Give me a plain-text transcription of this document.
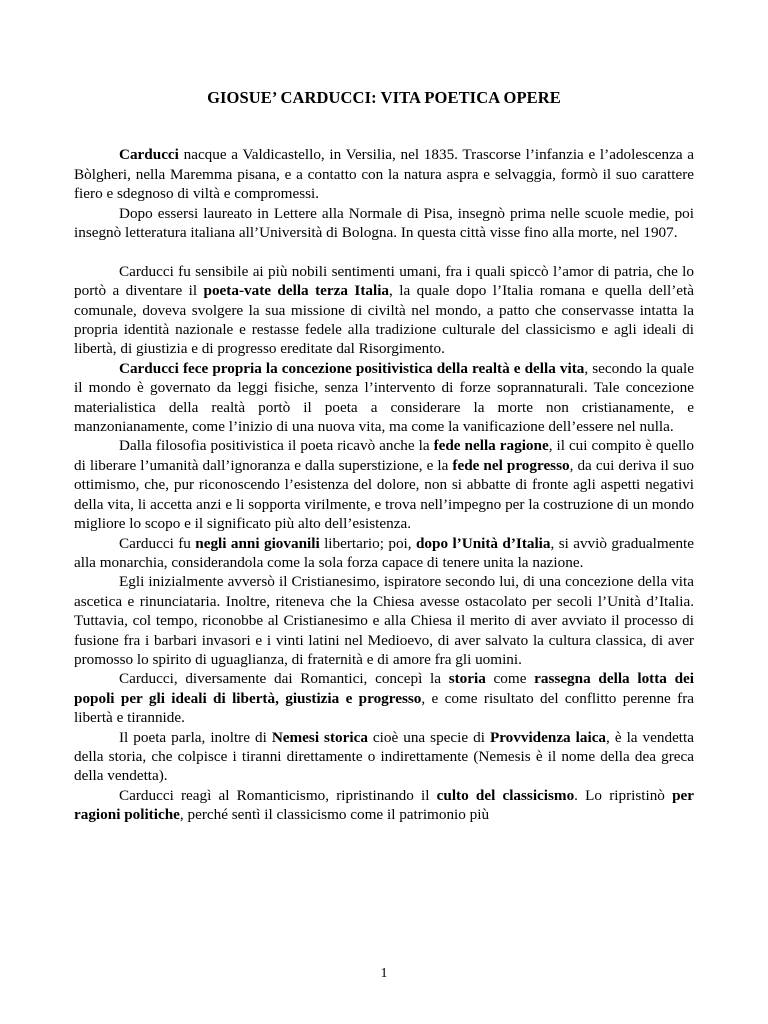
GIOSUE’ CARDUCCI: VITA POETICA OPERE

Carducci nacque a Valdicastello, in Versilia, nel 1835. Trascorse l’infanzia e l’adolescenza a Bòlgheri, nella Maremma pisana, e a contatto con la natura aspra e selvaggia, formò il suo carattere fiero e sdegnoso di viltà e compromessi.

Dopo essersi laureato in Lettere alla Normale di Pisa, insegnò prima nelle scuole medie, poi insegnò letteratura italiana all’Università di Bologna. In questa città visse fino alla morte, nel 1907.

Carducci fu sensibile ai più nobili sentimenti umani, fra i quali spiccò l’amor di patria, che lo portò a diventare il poeta-vate della terza Italia, la quale dopo l’Italia romana e quella dell’età comunale, doveva svolgere la sua missione di civiltà nel mondo, a patto che conservasse intatta la propria identità nazionale e restasse fedele alla tradizione culturale del classicismo e agli ideali di libertà, di giustizia e di progresso ereditate dal Risorgimento.

Carducci fece propria la concezione positivistica della realtà e della vita, secondo la quale il mondo è governato da leggi fisiche, senza l’intervento di forze soprannaturali. Tale concezione materialistica della realtà portò il poeta a considerare la morte non cristianamente, e manzonianamente, come l’inizio di una nuova vita, ma come la vanificazione dell’essere nel nulla.

Dalla filosofia positivistica il poeta ricavò anche la fede nella ragione, il cui compito è quello di liberare l’umanità dall’ignoranza e dalla superstizione, e la fede nel progresso, da cui deriva il suo ottimismo, che, pur riconoscendo l’esistenza del dolore, non si abbatte di fronte agli aspetti negativi della vita, li accetta anzi e li sopporta virilmente, e trova nell’impegno per la costruzione di un mondo migliore lo scopo e il significato più alto dell’esistenza.

Carducci fu negli anni giovanili libertario; poi, dopo l’Unità d’Italia, si avviò gradualmente alla monarchia, considerandola come la sola forza capace di tenere unita la nazione.

Egli inizialmente avversò il Cristianesimo, ispiratore secondo lui, di una concezione della vita ascetica e rinunciataria. Inoltre, riteneva che la Chiesa avesse ostacolato per secoli l’Unità d’Italia. Tuttavia, col tempo, riconobbe al Cristianesimo e alla Chiesa il merito di aver avviato il processo di fusione fra i barbari invasori e i vinti latini nel Medioevo, di aver salvato la cultura classica, di aver promosso lo spirito di uguaglianza, di fraternità e di amore fra gli uomini.

Carducci, diversamente dai Romantici, concepì la storia come rassegna della lotta dei popoli per gli ideali di libertà, giustizia e progresso, e come risultato del conflitto perenne fra libertà e tirannide.

Il poeta parla, inoltre di Nemesi storica cioè una specie di Provvidenza laica, è la vendetta della storia, che colpisce i tiranni direttamente o indirettamente (Nemesis è il nome della dea greca della vendetta).

Carducci reagì al Romanticismo, ripristinando il culto del classicismo. Lo ripristinò per ragioni politiche, perché sentì il classicismo come il patrimonio più

1
